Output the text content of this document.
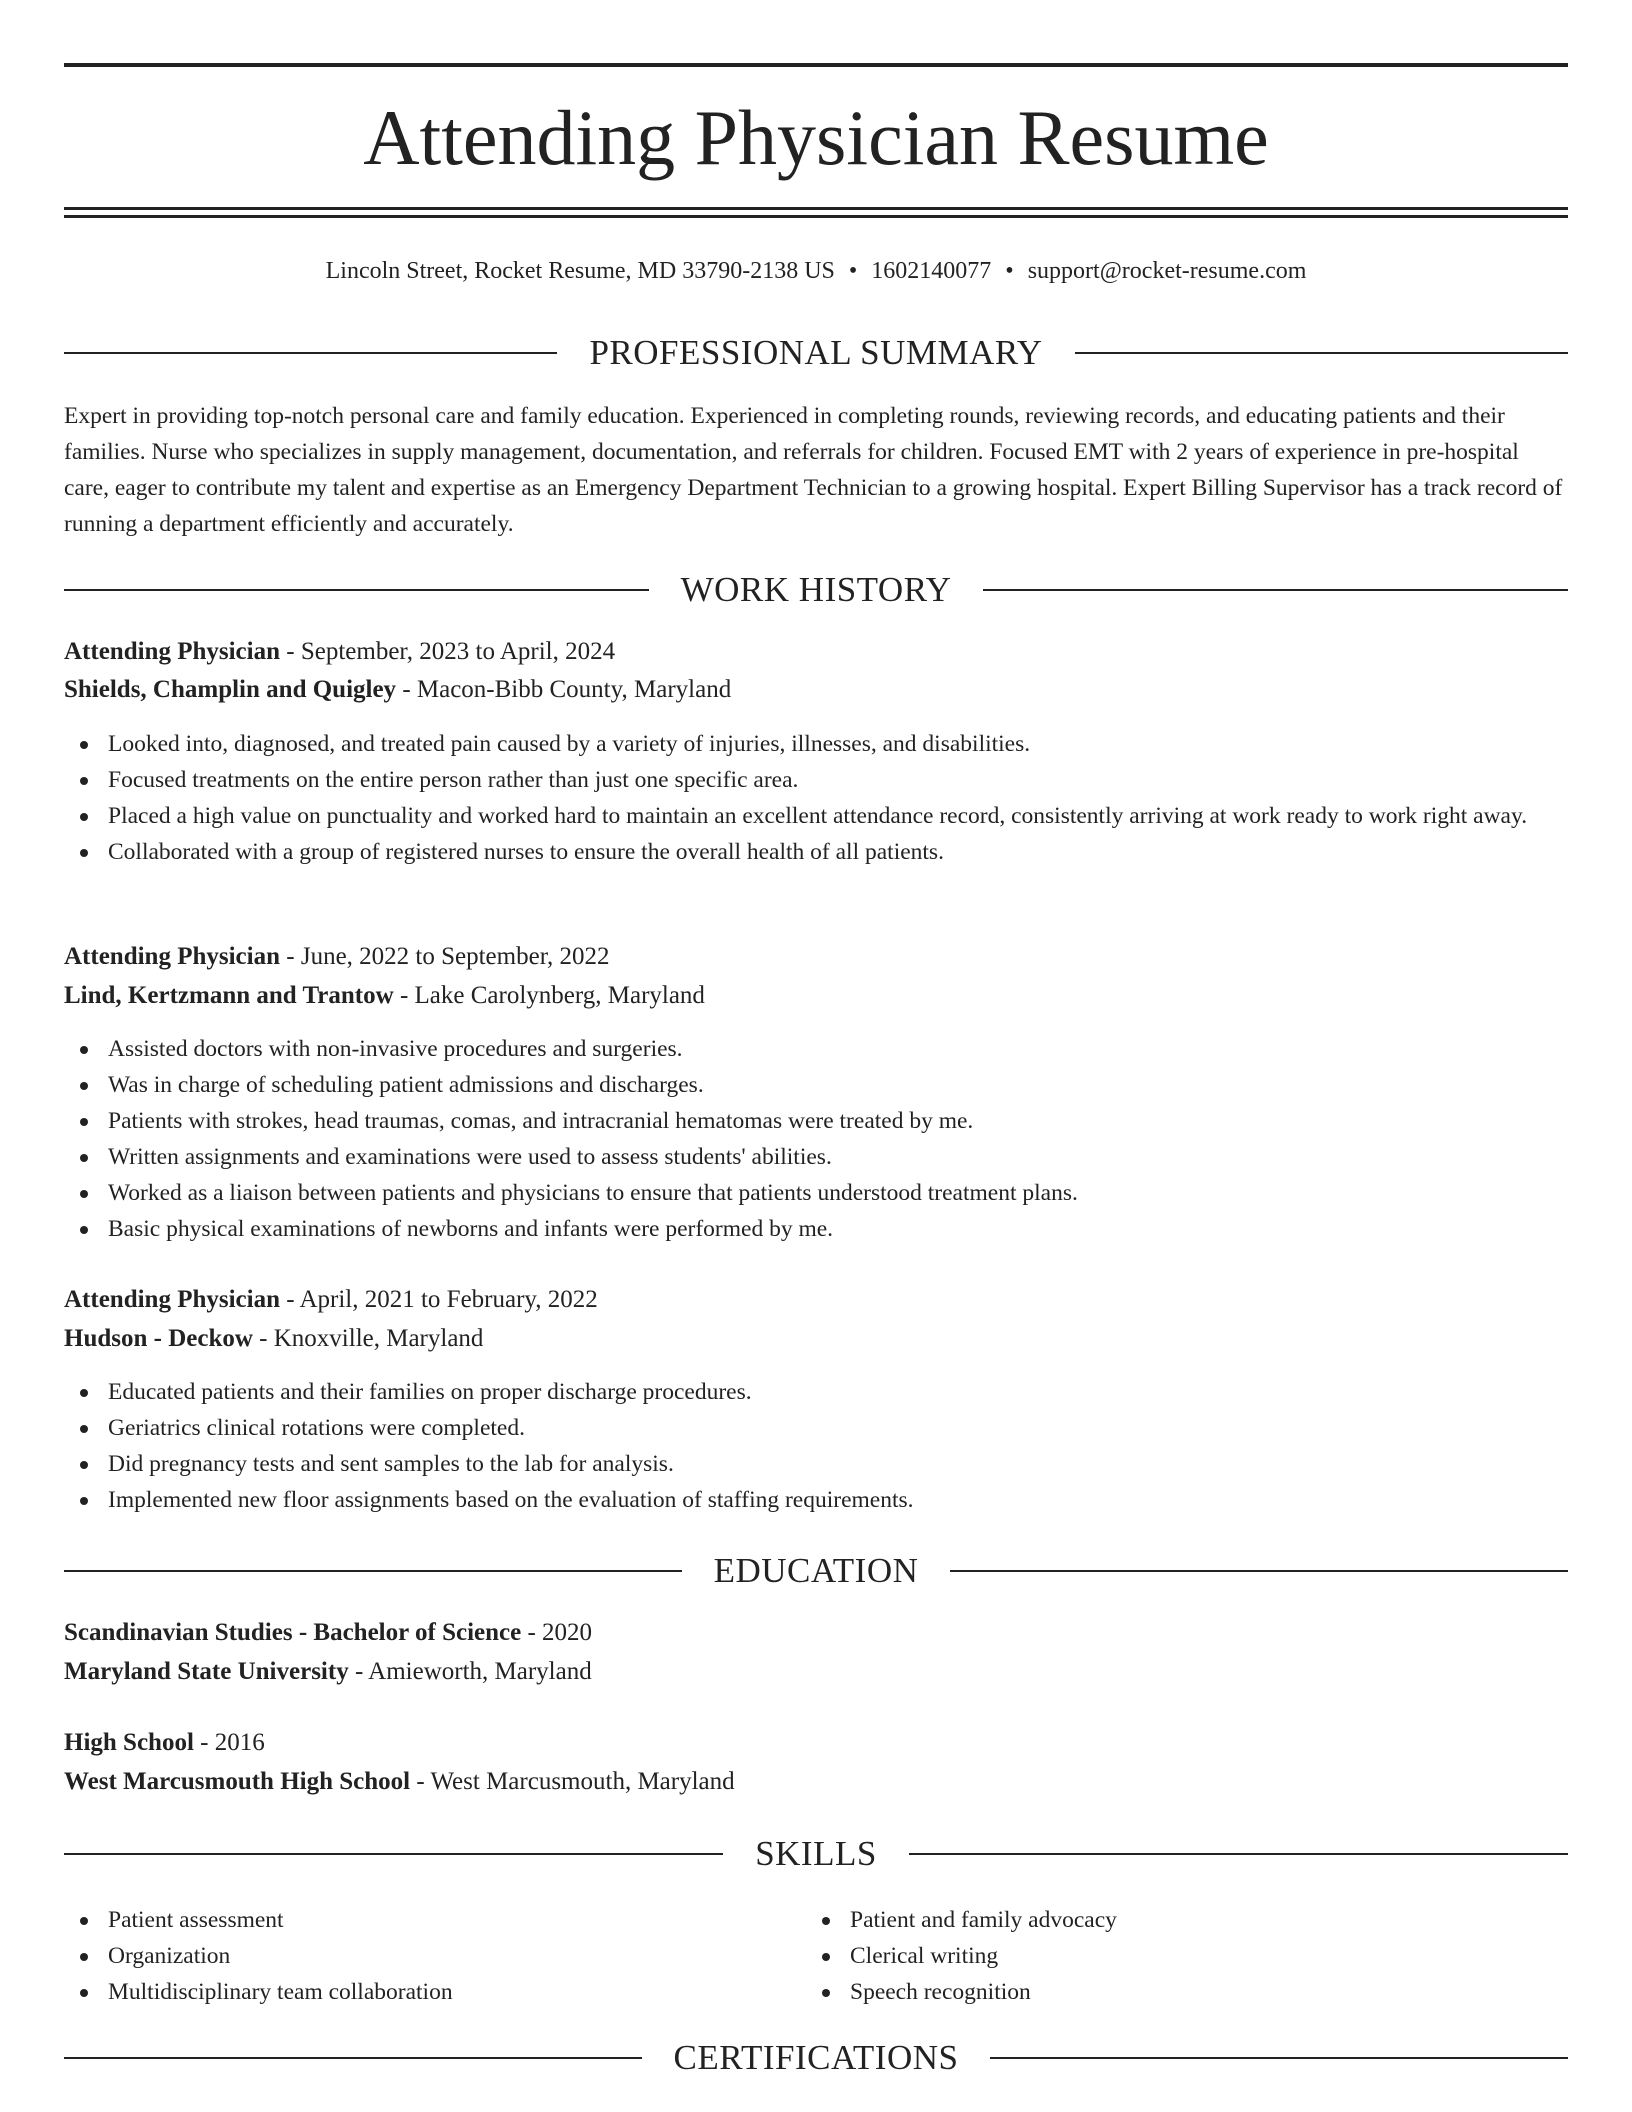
Attending Physician Resume
Lincoln Street, Rocket Resume, MD 33790-2138 US • 1602140077 • support@rocket-resume.com
PROFESSIONAL SUMMARY

Expert in providing top-notch personal care and family education. Experienced in completing rounds, reviewing records, and educating patients and their families. Nurse who specializes in supply management, documentation, and referrals for children. Focused EMT with 2 years of experience in pre-hospital care, eager to contribute my talent and expertise as an Emergency Department Technician to a growing hospital. Expert Billing Supervisor has a track record of running a department efficiently and accurately.

WORK HISTORY
Attending Physician - September, 2023 to April, 2024
Shields, Champlin and Quigley - Macon-Bibb County, Maryland
Looked into, diagnosed, and treated pain caused by a variety of injuries, illnesses, and disabilities.
Focused treatments on the entire person rather than just one specific area.
Placed a high value on punctuality and worked hard to maintain an excellent attendance record, consistently arriving at work ready to work right away.
Collaborated with a group of registered nurses to ensure the overall health of all patients.
Attending Physician - June, 2022 to September, 2022
Lind, Kertzmann and Trantow - Lake Carolynberg, Maryland
Assisted doctors with non-invasive procedures and surgeries.
Was in charge of scheduling patient admissions and discharges.
Patients with strokes, head traumas, comas, and intracranial hematomas were treated by me.
Written assignments and examinations were used to assess students' abilities.
Worked as a liaison between patients and physicians to ensure that patients understood treatment plans.
Basic physical examinations of newborns and infants were performed by me.
Attending Physician - April, 2021 to February, 2022
Hudson - Deckow - Knoxville, Maryland
Educated patients and their families on proper discharge procedures.
Geriatrics clinical rotations were completed.
Did pregnancy tests and sent samples to the lab for analysis.
Implemented new floor assignments based on the evaluation of staffing requirements.
EDUCATION
Scandinavian Studies - Bachelor of Science - 2020
Maryland State University - Amieworth, Maryland
High School - 2016
West Marcusmouth High School - West Marcusmouth, Maryland
SKILLS
Patient assessment
Organization
Multidisciplinary team collaboration
Patient and family advocacy
Clerical writing
Speech recognition
CERTIFICATIONS
